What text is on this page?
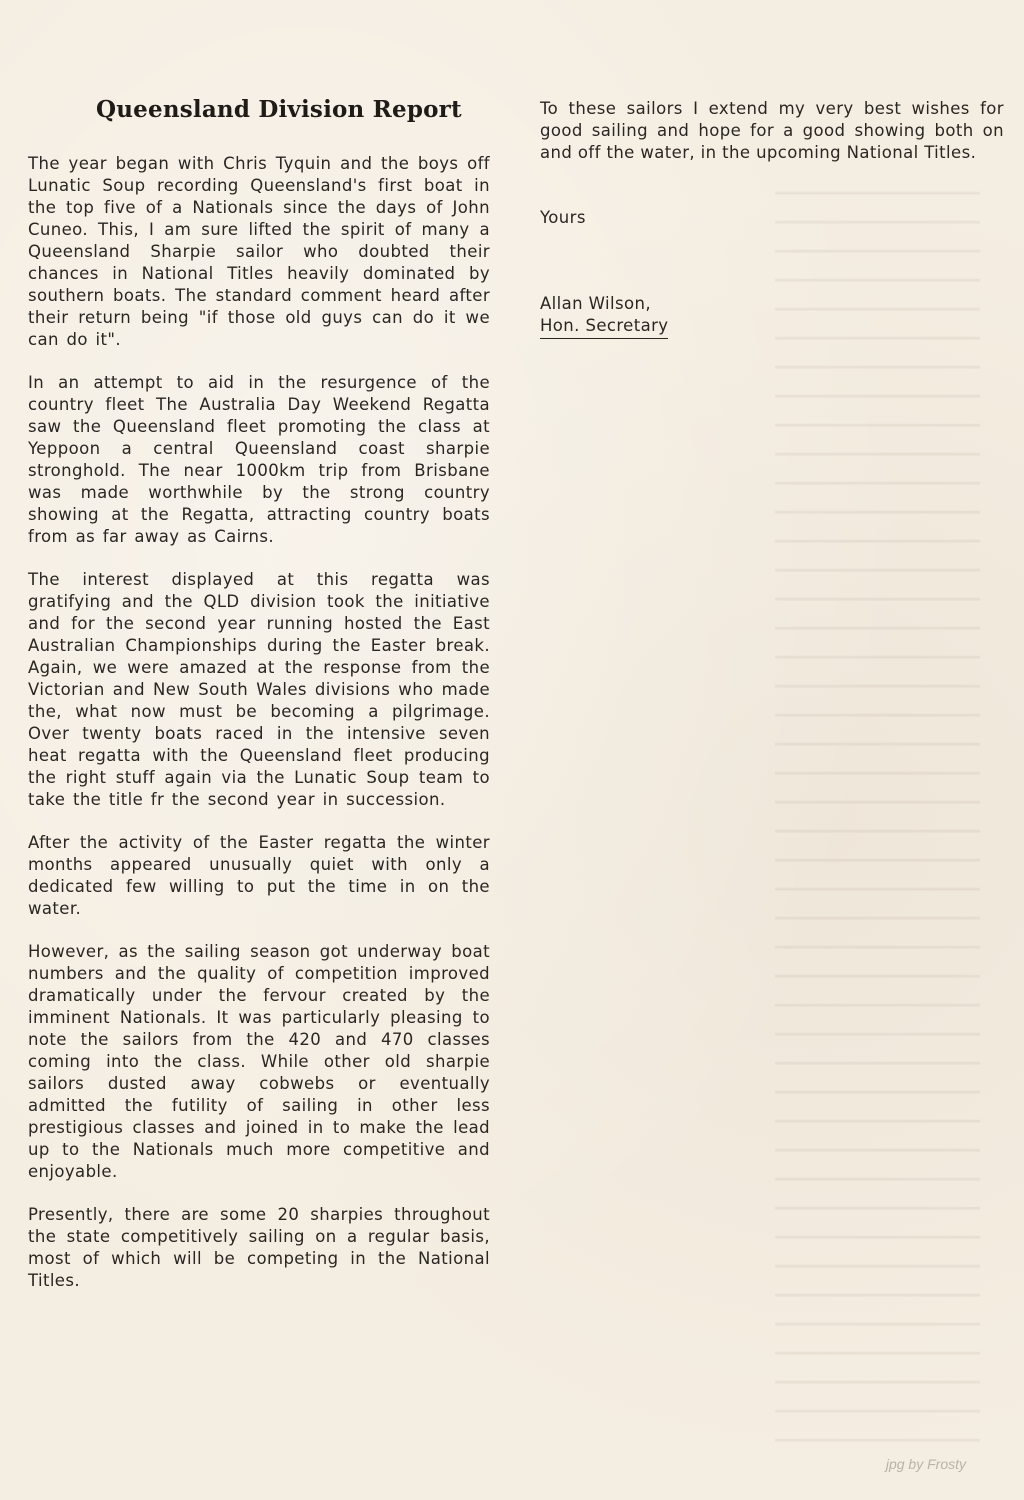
━━━━━━━━━━━━━━━━━━━━
━━━━━━━━━━━━━━━━━━━━
━━━━━━━━━━━━━━━━━━━━
━━━━━━━━━━━━━━━━━━━━
━━━━━━━━━━━━━━━━━━━━
━━━━━━━━━━━━━━━━━━━━
━━━━━━━━━━━━━━━━━━━━
━━━━━━━━━━━━━━━━━━━━
━━━━━━━━━━━━━━━━━━━━
━━━━━━━━━━━━━━━━━━━━
━━━━━━━━━━━━━━━━━━━━
━━━━━━━━━━━━━━━━━━━━
━━━━━━━━━━━━━━━━━━━━
━━━━━━━━━━━━━━━━━━━━
━━━━━━━━━━━━━━━━━━━━
━━━━━━━━━━━━━━━━━━━━
━━━━━━━━━━━━━━━━━━━━
━━━━━━━━━━━━━━━━━━━━
━━━━━━━━━━━━━━━━━━━━
━━━━━━━━━━━━━━━━━━━━
━━━━━━━━━━━━━━━━━━━━
━━━━━━━━━━━━━━━━━━━━
━━━━━━━━━━━━━━━━━━━━
━━━━━━━━━━━━━━━━━━━━
━━━━━━━━━━━━━━━━━━━━
━━━━━━━━━━━━━━━━━━━━
━━━━━━━━━━━━━━━━━━━━
━━━━━━━━━━━━━━━━━━━━
━━━━━━━━━━━━━━━━━━━━
━━━━━━━━━━━━━━━━━━━━
━━━━━━━━━━━━━━━━━━━━
━━━━━━━━━━━━━━━━━━━━
━━━━━━━━━━━━━━━━━━━━
━━━━━━━━━━━━━━━━━━━━
━━━━━━━━━━━━━━━━━━━━
━━━━━━━━━━━━━━━━━━━━
━━━━━━━━━━━━━━━━━━━━
━━━━━━━━━━━━━━━━━━━━
━━━━━━━━━━━━━━━━━━━━
━━━━━━━━━━━━━━━━━━━━
━━━━━━━━━━━━━━━━━━━━
━━━━━━━━━━━━━━━━━━━━
━━━━━━━━━━━━━━━━━━━━
━━━━━━━━━━━━━━━━━━━━
Queensland Division Report

The year began with Chris Tyquin and the boys off Lunatic Soup recording Queensland's first boat in the top five of a Nationals since the days of John Cuneo. This, I am sure lifted the spirit of many a Queensland Sharpie sailor who doubted their chances in National Titles heavily dominated by southern boats. The standard comment heard after their return being "if those old guys can do it we can do it".

In an attempt to aid in the resurgence of the country fleet The Australia Day Weekend Regatta saw the Queensland fleet promoting the class at Yeppoon a central Queensland coast sharpie stronghold. The near 1000km trip from Brisbane was made worthwhile by the strong country showing at the Regatta, attracting country boats from as far away as Cairns.

The interest displayed at this regatta was gratifying and the QLD division took the initiative and for the second year running hosted the East Australian Championships during the Easter break. Again, we were amazed at the response from the Victorian and New South Wales divisions who made the, what now must be becoming a pilgrimage. Over twenty boats raced in the intensive seven heat regatta with the Queensland fleet producing the right stuff again via the Lunatic Soup team to take the title fr the second year in succession.

After the activity of the Easter regatta the winter months appeared unusually quiet with only a dedicated few willing to put the time in on the water.

However, as the sailing season got underway boat numbers and the quality of competition improved dramatically under the fervour created by the imminent Nationals. It was particularly pleasing to note the sailors from the 420 and 470 classes coming into the class. While other old sharpie sailors dusted away cobwebs or eventually admitted the futility of sailing in other less prestigious classes and joined in to make the lead up to the Nationals much more competitive and enjoyable.

Presently, there are some 20 sharpies throughout the state competitively sailing on a regular basis, most of which will be competing in the National Titles.

To these sailors I extend my very best wishes for good sailing and hope for a good showing both on and off the water, in the upcoming National Titles.

Yours
Allan Wilson,
Hon. Secretary
jpg by Frosty
